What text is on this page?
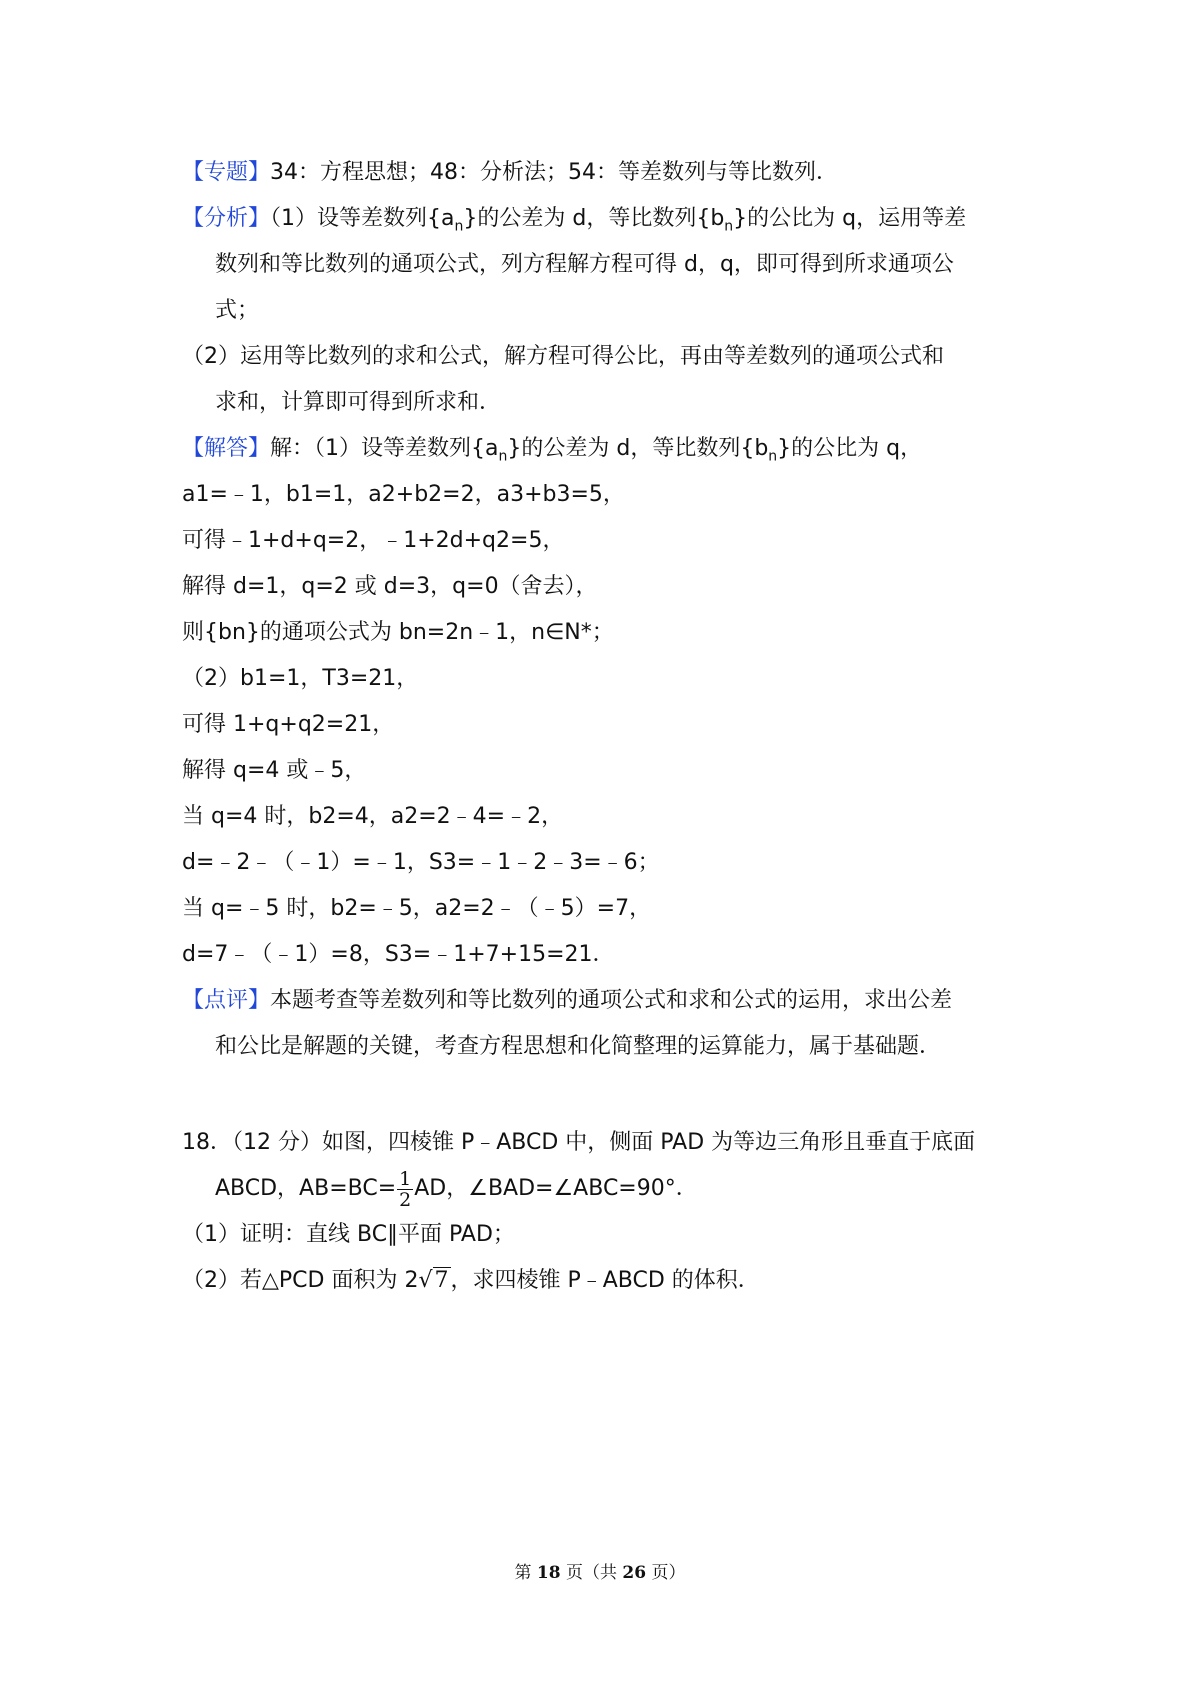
【专题】34：方程思想；48：分析法；54：等差数列与等比数列．
【分析】（1）设等差数列$\{a_n\}$的公差为 d，等比数列$\{b_n\}$的公比为 q，运用等差
数列和等比数列的通项公式，列方程解方程可得 d，q，即可得到所求通项公
式；
（2）运用等比数列的求和公式，解方程可得公比，再由等差数列的通项公式和
求和，计算即可得到所求和．
【解答】解：（1）设等差数列$\{a_n\}$的公差为 d，等比数列$\{b_n\}$的公比为 q，
a1=﹣1，b1=1，a2+b2=2，a3+b3=5，
可得﹣1+d+q=2，﹣1+2d+q2=5，
解得 d=1，q=2 或 d=3，q=0（舍去），
则{bn}的通项公式为 bn=2n﹣1，n∈N*；
（2）b1=1，T3=21，
可得 1+q+q2=21，
解得 q=4 或﹣5，
当 q=4 时，b2=4，a2=2﹣4=﹣2，
d=﹣2﹣（﹣1）=﹣1，S3=﹣1﹣2﹣3=﹣6；
当 q=﹣5 时，b2=﹣5，a2=2﹣（﹣5）=7，
d=7﹣（﹣1）=8，S3=﹣1+7+15=21．
【点评】本题考查等差数列和等比数列的通项公式和求和公式的运用，求出公差
和公比是解题的关键，考查方程思想和化简整理的运算能力，属于基础题．
18．（12 分）如图，四棱锥 P﹣ABCD 中，侧面 PAD 为等边三角形且垂直于底面
ABCD，$AB=BC= \frac{1}{2}$ AD，∠BAD=∠ABC=90°．
（1）证明：直线 BC∥平面 PAD；
（2）若△PCD 面积为 2√7，求四棱锥 P﹣ABCD 的体积．
第 18 页（共 26 页）
